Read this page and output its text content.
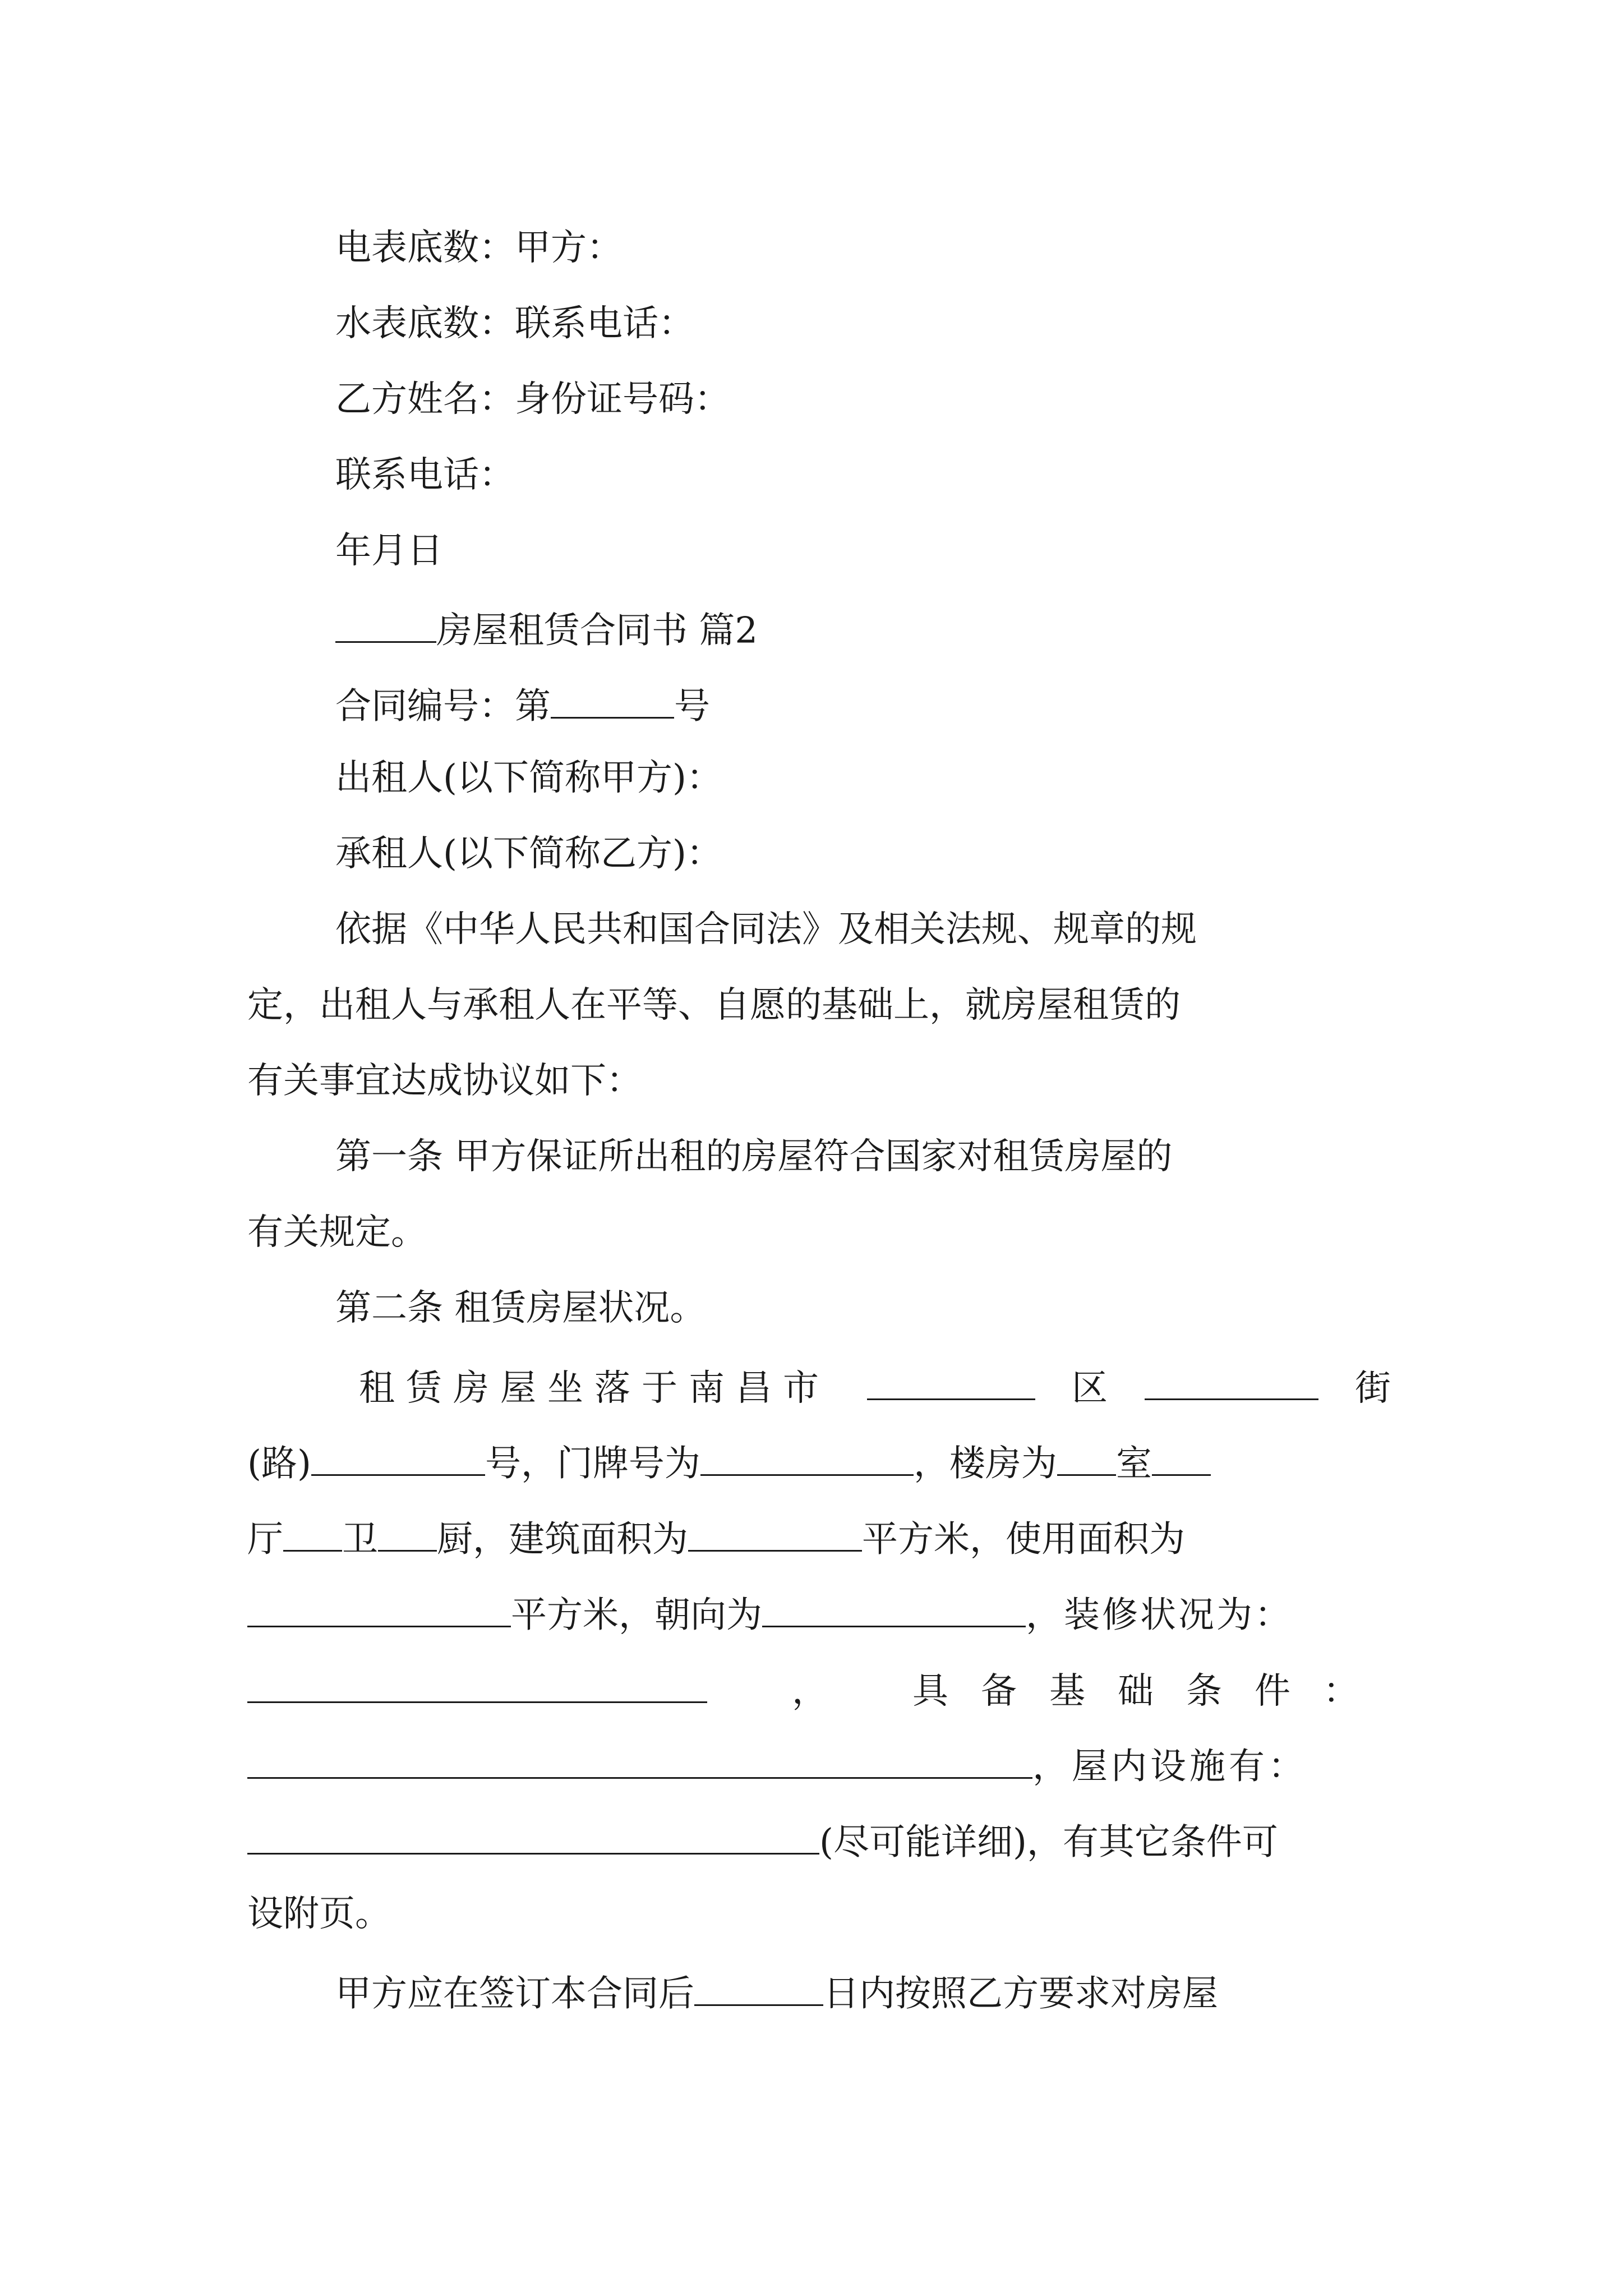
电表底数：甲方：
水表底数：联系电话：
乙方姓名：身份证号码：
联系电话：
年月日
房屋租赁合同书 篇2
合同编号：第	号
出租人(以下简称甲方)：
承租人(以下简称乙方)：
依据《中华人民共和国合同法》及相关法规、规章的规
定，出租人与承租人在平等、自愿的基础上，就房屋租赁的
有关事宜达成协议如下：
第一条 甲方保证所出租的房屋符合国家对租赁房屋的
有关规定。
第二条 租赁房屋状况。
租赁房屋坐落于南昌市	区	街
(路)	号，门牌号为	，楼房为 室
厅 卫 厨，建筑面积为	平方米，使用面积为
平方米，朝向为	，装修状况为：
， 具备基础条件：
，屋内设施有：
(尽可能详细)，有其它条件可
设附页。
甲方应在签订本合同后	日内按照乙方要求对房屋
